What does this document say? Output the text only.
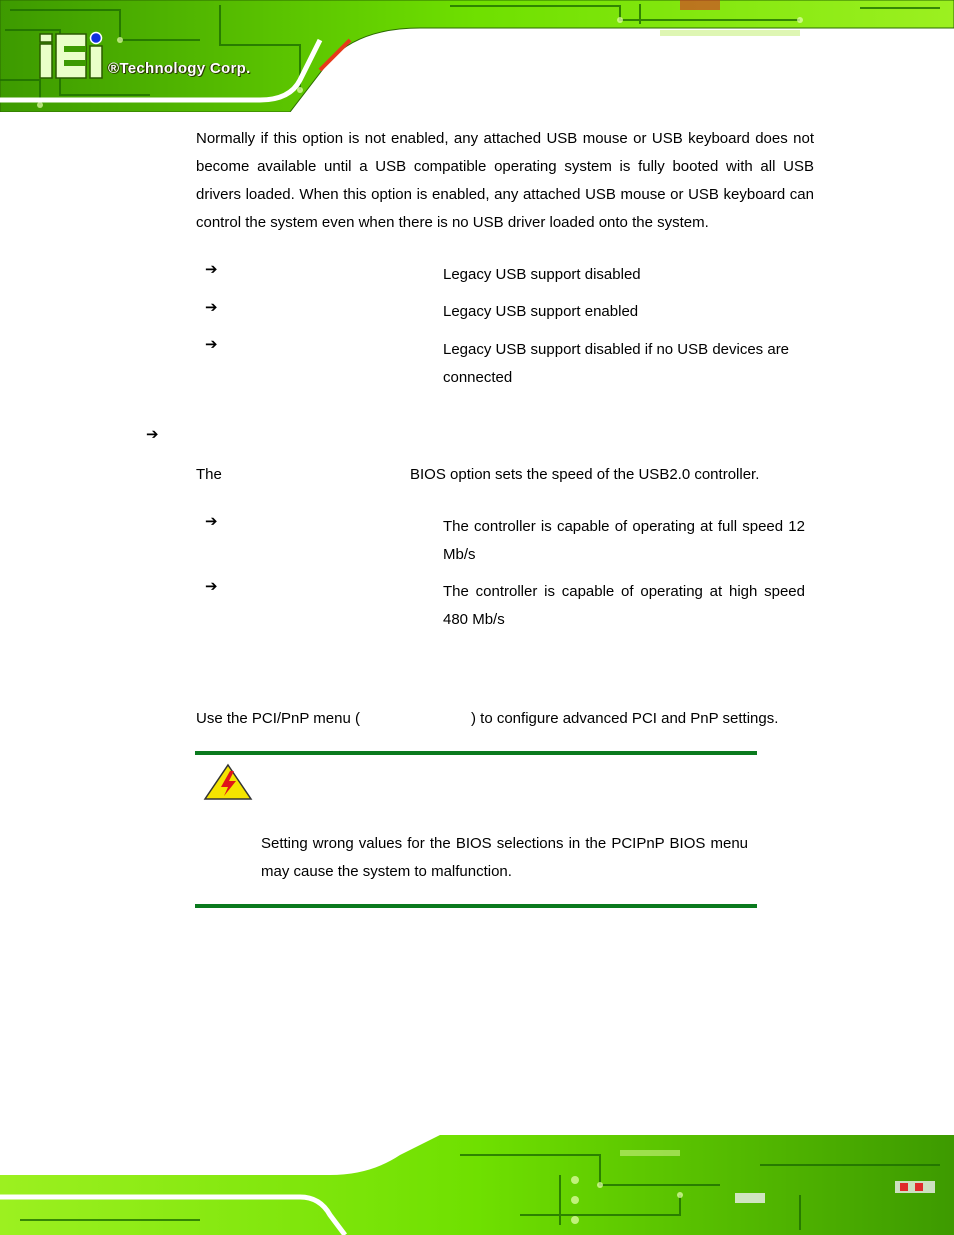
®Technology Corp.

Normally if this option is not enabled, any attached USB mouse or USB keyboard does not become available until a USB compatible operating system is fully booted with all USB drivers loaded. When this option is enabled, any attached USB mouse or USB keyboard can control the system even when there is no USB driver loaded onto the system.

➔	Legacy USB support disabled

➔	Legacy USB support enabled

➔	Legacy USB support disabled if no USB devices are connected

➔
The	BIOS option sets the speed of the USB2.0 controller.
➔	The controller is capable of operating at full speed 12 Mb/s

➔	The controller is capable of operating at high speed 480 Mb/s

Use the PCI/PnP menu (	) to configure advanced PCI and PnP settings.

Setting wrong values for the BIOS selections in the PCIPnP BIOS menu may cause the system to malfunction.
